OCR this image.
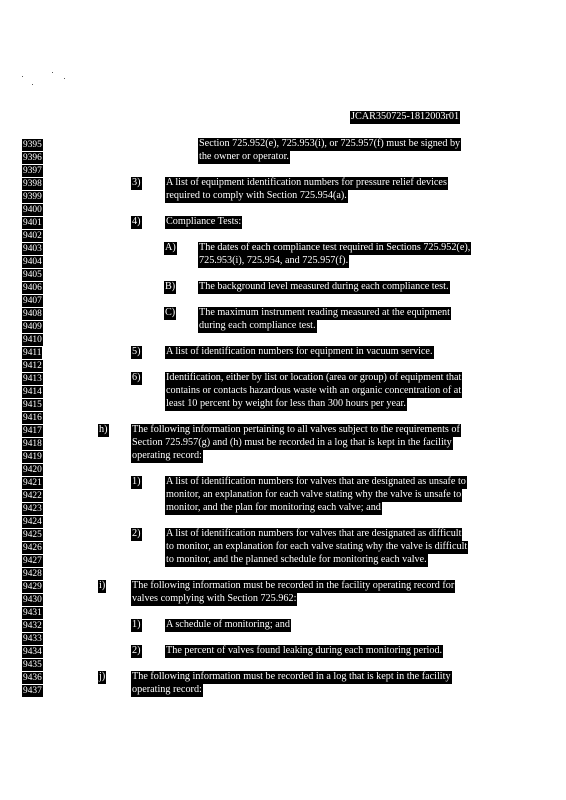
JCAR350725-1812003r01
9395
9396
9397
9398
9399
9400
9401
9402
9403
9404
9405
9406
9407
9408
9409
9410
9411
9412
9413
9414
9415
9416
9417
9418
9419
9420
9421
9422
9423
9424
9425
9426
9427
9428
9429
9430
9431
9432
9433
9434
9435
9436
9437
Section 725.952(e), 725.953(i), or 725.957(f) must be signed by
the owner or operator.
3)	A list of equipment identification numbers for pressure relief devices
required to comply with Section 725.954(a).
4)	Compliance Tests:
A) The dates of each compliance test required in Sections 725.952(e),
725.953(i), 725.954, and 725.957(f).
B) The background level measured during each compliance test.
C) The maximum instrument reading measured at the equipment
during each compliance test.
5)	A list of identification numbers for equipment in vacuum service.
6)	Identification, either by list or location (area or group) of equipment that
contains or contacts hazardous waste with an organic concentration of at
least 10 percent by weight for less than 300 hours per year.
h) The following information pertaining to all valves subject to the requirements of
Section 725.957(g) and (h) must be recorded in a log that is kept in the facility
operating record:
1)	A list of identification numbers for valves that are designated as unsafe to
monitor, an explanation for each valve stating why the valve is unsafe to
monitor, and the plan for monitoring each valve; and
2)	A list of identification numbers for valves that are designated as difficult
to monitor, an explanation for each valve stating why the valve is difficult
to monitor, and the planned schedule for monitoring each valve.
i)	The following information must be recorded in the facility operating record for
valves complying with Section 725.962:
1)	A schedule of monitoring; and
2)	The percent of valves found leaking during each monitoring period.
j)	The following information must be recorded in a log that is kept in the facility
operating record:
